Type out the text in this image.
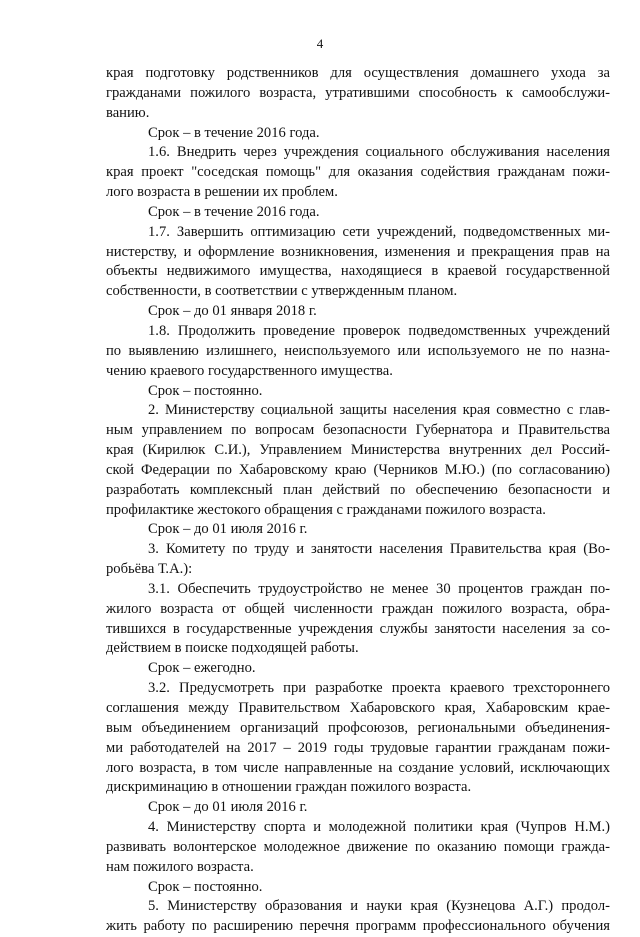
4
края подготовку родственников для осуществления домашнего ухода за
гражданами пожилого возраста, утратившими способность к самообслужи-
ванию.
Срок – в течение 2016 года.
1.6. Внедрить через учреждения социального обслуживания населения
края проект "соседская помощь" для оказания содействия гражданам пожи-
лого возраста в решении их проблем.
Срок – в течение 2016 года.
1.7. Завершить оптимизацию сети учреждений, подведомственных ми-
нистерству, и оформление возникновения, изменения и прекращения прав на
объекты недвижимого имущества, находящиеся в краевой государственной
собственности, в соответствии с утвержденным планом.
Срок – до 01 января 2018 г.
1.8. Продолжить проведение проверок подведомственных учреждений
по выявлению излишнего, неиспользуемого или используемого не по назна-
чению краевого государственного имущества.
Срок – постоянно.
2. Министерству социальной защиты населения края совместно с глав-
ным управлением по вопросам безопасности Губернатора и Правительства
края (Кирилюк С.И.), Управлением Министерства внутренних дел Россий-
ской Федерации по Хабаровскому краю (Черников М.Ю.) (по согласованию)
разработать комплексный план действий по обеспечению безопасности и
профилактике жестокого обращения с гражданами пожилого возраста.
Срок – до 01 июля 2016 г.
3. Комитету по труду и занятости населения Правительства края (Во-
робьёва Т.А.):
3.1. Обеспечить трудоустройство не менее 30 процентов граждан по-
жилого возраста от общей численности граждан пожилого возраста, обра-
тившихся в государственные учреждения службы занятости населения за со-
действием в поиске подходящей работы.
Срок – ежегодно.
3.2. Предусмотреть при разработке проекта краевого трехстороннего
соглашения между Правительством Хабаровского края, Хабаровским крае-
вым объединением организаций профсоюзов, региональными объединения-
ми работодателей на 2017 – 2019 годы трудовые гарантии гражданам пожи-
лого возраста, в том числе направленные на создание условий, исключающих
дискриминацию в отношении граждан пожилого возраста.
Срок – до 01 июля 2016 г.
4. Министерству спорта и молодежной политики края (Чупров Н.М.)
развивать волонтерское молодежное движение по оказанию помощи гражда-
нам пожилого возраста.
Срок – постоянно.
5. Министерству образования и науки края (Кузнецова А.Г.) продол-
жить работу по расширению перечня программ профессионального обучения
